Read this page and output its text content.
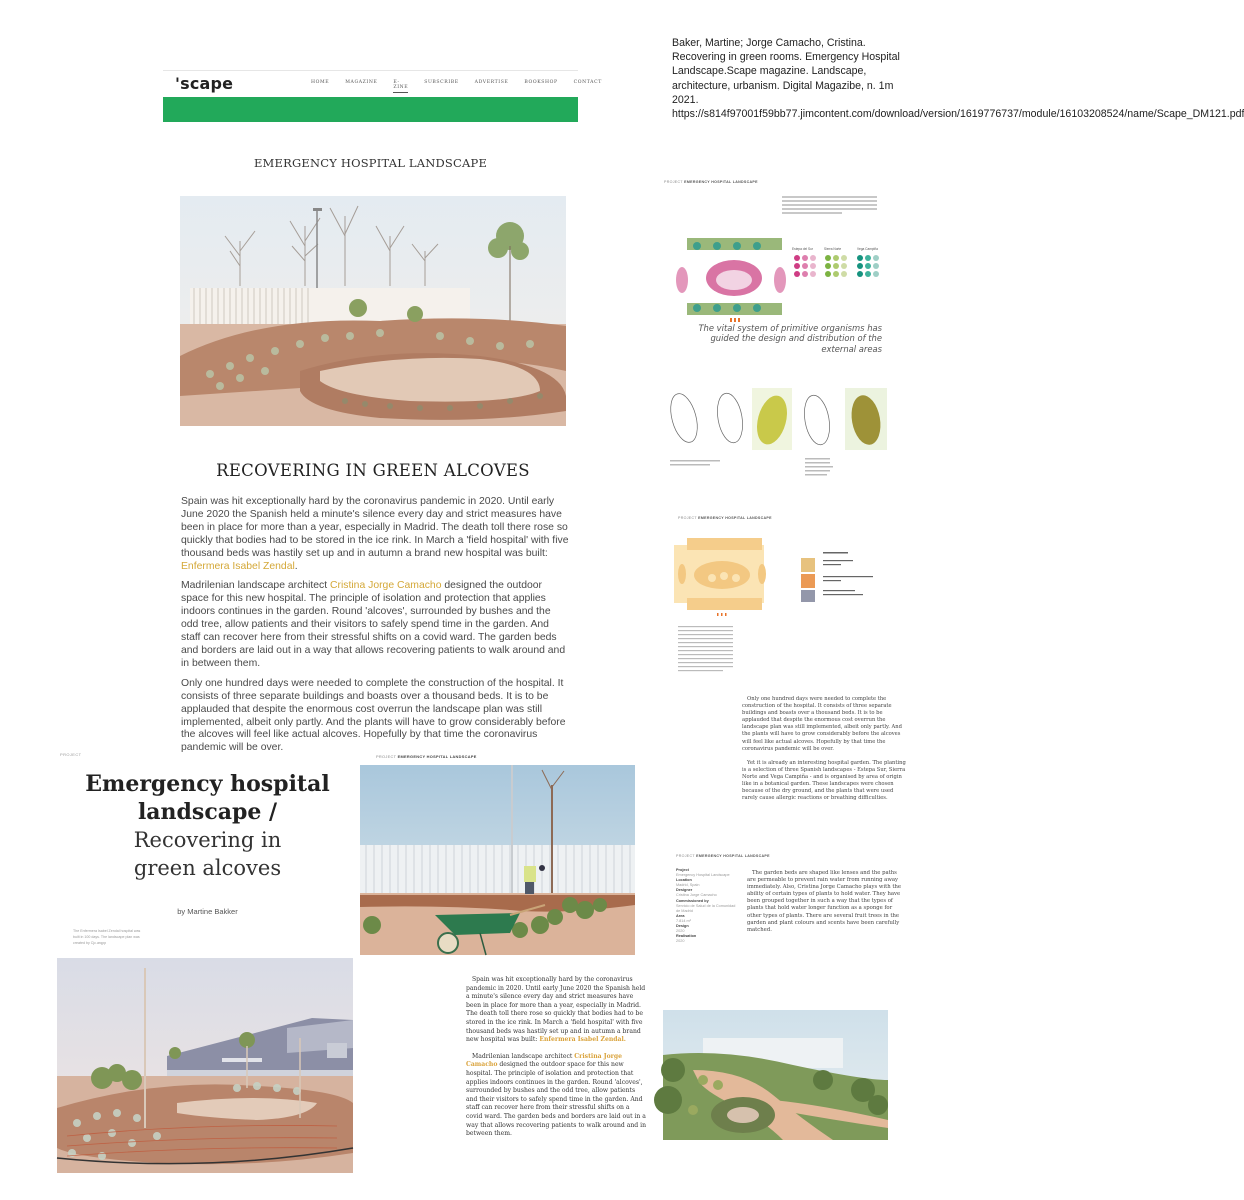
Baker, Martine; Jorge Camacho, Cristina. Recovering in green rooms. Emergency Hospital Landscape.Scape magazine. Landscape, architecture, urbanism. Digital Magazibe, n. 1m 2021. https://s814f97001f59bb77.jimcontent.com/download/version/1619776737/module/16103208524/name/Scape_DM121.pdf
'scape	HOME	MAGAZINE	E-ZINE
SUBSCRIBE	ADVERTISE	BOOKSHOP	CONTACT
EMERGENCY HOSPITAL LANDSCAPE
RECOVERING IN GREEN ALCOVES

Spain was hit exceptionally hard by the coronavirus pandemic in 2020. Until early June 2020 the Spanish held a minute's silence every day and strict measures have been in place for more than a year, especially in Madrid. The death toll there rose so quickly that bodies had to be stored in the ice rink. In March a 'field hospital' with five thousand beds was hastily set up and in autumn a brand new hospital was built: Enfermera Isabel Zendal.

Madrilenian landscape architect Cristina Jorge Camacho designed the outdoor space for this new hospital. The principle of isolation and protection that applies indoors continues in the garden. Round 'alcoves', surrounded by bushes and the odd tree, allow patients and their visitors to safely spend time in the garden. And staff can recover here from their stressful shifts on a covid ward. The garden beds and borders are laid out in a way that allows recovering patients to walk around and in between them.

Only one hundred days were needed to complete the construction of the hospital. It consists of three separate buildings and boasts over a thousand beds. It is to be applauded that despite the enormous cost overrun the landscape plan was still implemented, albeit only partly. And the plants will have to grow considerably before the alcoves will feel like actual alcoves. Hopefully by that time the coronavirus pandemic will be over.

PROJECT
Emergency hospital
landscape /
Recovering in
green alcoves
by Martine Bakker
The Enfermera Isabel Zendal hospital was built in 100 days. The landscape plan was created by Cjc.arqpp
PROJECT EMERGENCY HOSPITAL LANDSCAPE

Spain was hit exceptionally hard by the coronavirus pandemic in 2020. Until early June 2020 the Spanish held a minute's silence every day and strict measures have been in place for more than a year, especially in Madrid. The death toll there rose so quickly that bodies had to be stored in the ice rink. In March a 'field hospital' with five thousand beds was hastily set up and in autumn a brand new hospital was built: Enfermera Isabel Zendal.

Madrilenian landscape architect Cristina Jorge Camacho designed the outdoor space for this new hospital. The principle of isolation and protection that applies indoors continues in the garden. Round 'alcoves', surrounded by bushes and the odd tree, allow patients and their visitors to safely spend time in the garden. And staff can recover here from their stressful shifts on a covid ward. The garden beds and borders are laid out in a way that allows recovering patients to walk around and in between them.

PROJECT EMERGENCY HOSPITAL LANDSCAPE
Estepa del Sur	Sierra Norte	Vega Campiña
The vital system of primitive organisms has guided the design and distribution of the external areas
PROJECT EMERGENCY HOSPITAL LANDSCAPE

Only one hundred days were needed to complete the construction of the hospital. It consists of three separate buildings and boasts over a thousand beds. It is to be applauded that despite the enormous cost overrun the landscape plan was still implemented, albeit only partly. And the plants will have to grow considerably before the alcoves will feel like actual alcoves. Hopefully by that time the coronavirus pandemic will be over.

Yet it is already an interesting hospital garden. The planting is a selection of three Spanish landscapes - Estepa Sur, Sierra Norte and Vega Campiña - and is organised by area of origin like in a botanical garden. These landscapes were chosen because of the dry ground, and the plants that were used rarely cause allergic reactions or breathing difficulties.

PROJECT EMERGENCY HOSPITAL LANDSCAPE
Project
Emergency Hospital Landscape
Location
Madrid, Spain
Designer
Cristina Jorge Camacho
Commissioned by
Servicio de Salud de la Comunidad de Madrid
Area
7.814 m²
Design
2020
Realisation
2020
The garden beds are shaped like lenses and the paths are permeable to prevent rain water from running away immediately. Also, Cristina Jorge Camacho plays with the ability of certain types of plants to hold water. They have been grouped together in such a way that the types of plants that hold water longer function as a sponge for other types of plants. There are several fruit trees in the garden and plant colours and scents have been carefully matched.
